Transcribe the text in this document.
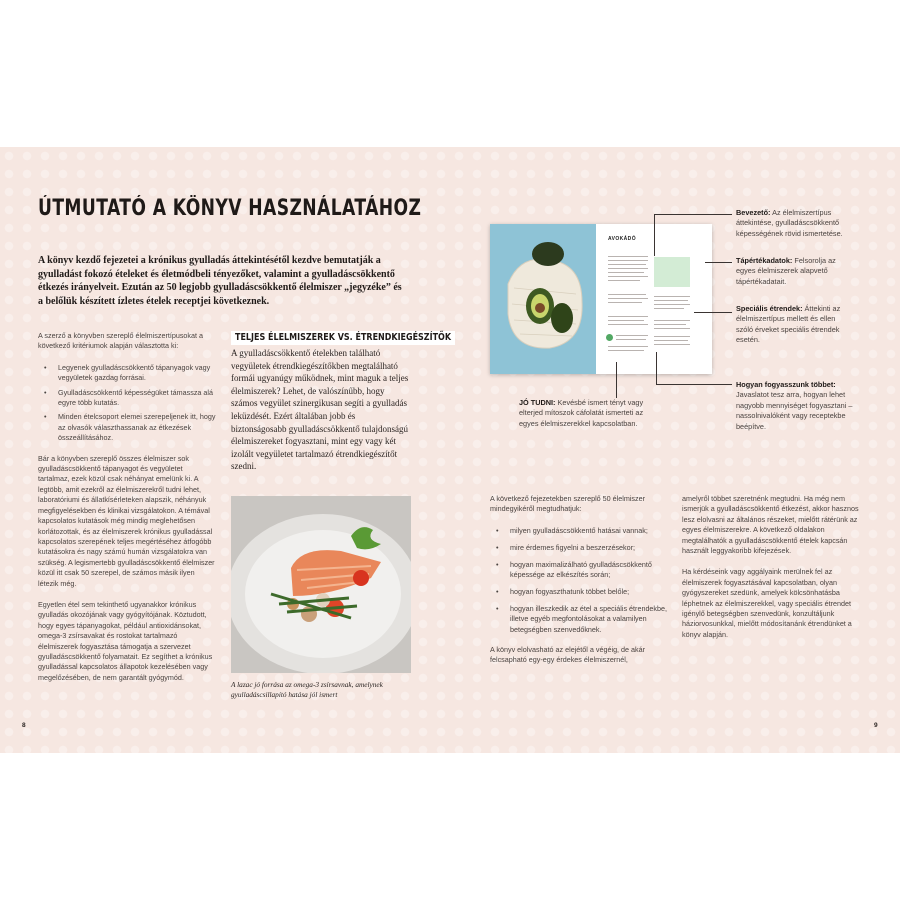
ÚTMUTATÓ A KÖNYV HASZNÁLATÁHOZ

A könyv kezdő fejezetei a krónikus gyulladás áttekintésétől kezdve bemutatják a gyulladást fokozó ételeket és életmódbeli tényezőket, valamint a gyulladáscsökkentő étkezés irányelveit. Ezután az 50 legjobb gyulladáscsökkentő élelmiszer „jegyzéke” és a belőlük készített ízletes ételek receptjei következnek.

A szerző a könyvben szereplő élelmiszertípusokat a következő kritériumok alapján választotta ki:

• Legyenek gyulladáscsökkentő tápanyagok vagy vegyületek gazdag forrásai.
• Gyulladáscsökkentő képességüket támassza alá egyre több kutatás.
• Minden ételcsoport elemei szerepeljenek itt, hogy az olvasók választhassanak az étkezések összeállításához.

Bár a könyvben szereplő összes élelmiszer sok gyulladáscsökkentő tápanyagot és vegyületet tartalmaz, ezek közül csak néhányat emelünk ki. A legtöbb, amit ezekről az élelmiszerekről tudni lehet, laboratóriumi és állatkísérleteken alapszik, néhányuk megfigyelésekben és klinikai vizsgálatokon. A témával kapcsolatos kutatások még mindig meglehetősen korlátozottak, és az élelmiszerek krónikus gyulladással kapcsolatos szerepének teljes megértéséhez átfogóbb kutatásokra és nagy számú humán vizsgálatokra van szükség. A legismertebb gyulladáscsökkentő élelmiszer közül itt csak 50 szerepel, de számos másik ilyen létezik még.

Egyetlen étel sem tekinthető ugyanakkor krónikus gyulladás okozójának vagy gyógyítójának. Köztudott, hogy egyes tápanyagokat, például antioxidánsokat, omega-3 zsírsavakat és rostokat tartalmazó élelmiszerek fogyasztása támogatja a szervezet gyulladáscsökkentő folyamatait. Ez segíthet a krónikus gyulladással kapcsolatos állapotok kezelésében vagy megelőzésében, de nem garantált gyógymód.

TELJES ÉLELMISZEREK VS. ÉTRENDKIEGÉSZÍTŐK

A gyulladáscsökkentő ételekben található vegyületek étrendkiegészítőkben megtalálható formái ugyanúgy működnek, mint maguk a teljes élelmiszerek? Lehet, de valószínűbb, hogy számos vegyület szinergikusan segíti a gyulladás leküzdését. Ezért általában jobb és biztonságosabb gyulladáscsökkentő tulajdonságú élelmiszereket fogyasztani, mint egy vagy két izolált vegyületet tartalmazó étrendkiegészítőt szedni.

A lazac jó forrása az omega-3 zsírsavnak, amelynek gyulladáscsillapító hatása jól ismert

8
AVOKÁDÓ

Bevezető: Az élelmiszertípus áttekintése, gyulladáscsökkentő képességének rövid ismertetése.

Tápértékadatok: Felsorolja az egyes élelmiszerek alapvető tápértékadatait.

Speciális étrendek: Áttekinti az élelmiszertípus mellett és ellen szóló érveket speciális étrendek esetén.

Hogyan fogyasszunk többet: Javaslatot tesz arra, hogyan lehet nagyobb mennyiséget fogyasztani – nassolnivalóként vagy receptekbe beépítve.

JÓ TUDNI: Kevésbé ismert tényt vagy elterjed mítoszok cáfolatát ismerteti az egyes élelmiszerekkel kapcsolatban.

A következő fejezetekben szereplő 50 élelmiszer mindegyikéről megtudhatjuk:

• milyen gyulladáscsökkentő hatásai vannak;
• mire érdemes figyelni a beszerzésekor;
• hogyan maximalizálható gyulladáscsökkentő képessége az elkészítés során;
• hogyan fogyaszthatunk többet belőle;
• hogyan illeszkedik az étel a speciális étrendekbe, illetve egyéb megfontolásokat a valamilyen betegségben szenvedőknek.

A könyv elolvasható az elejétől a végéig, de akár felcsapható egy-egy érdekes élelmiszernél,

amelyről többet szeretnénk megtudni. Ha még nem ismerjük a gyulladáscsökkentő étkezést, akkor hasznos lesz elolvasni az általános részeket, mielőtt rátérünk az egyes élelmiszerekre. A következő oldalakon megtalálhatók a gyulladáscsökkentő ételek kapcsán használt leggyakoribb kifejezések.

Ha kérdéseink vagy aggályaink merülnek fel az élelmiszerek fogyasztásával kapcsolatban, olyan gyógyszereket szedünk, amelyek kölcsönhatásba léphetnek az élelmiszerekkel, vagy speciális étrendet igénylő betegségben szenvedünk, konzultáljunk háziorvosunkkal, mielőtt módosítanánk étrendünket a könyv alapján.

9
